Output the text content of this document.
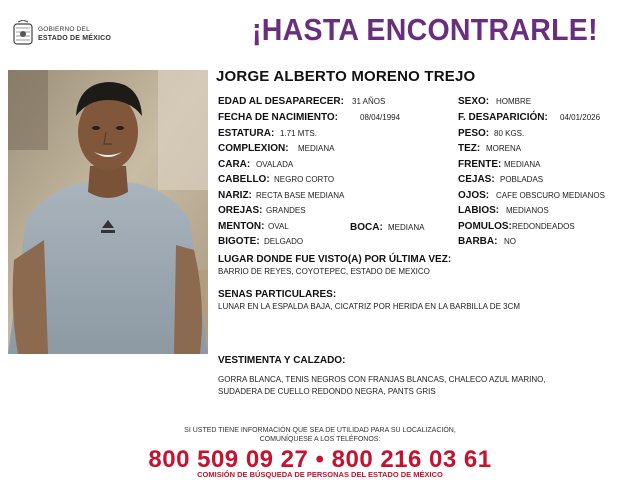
GOBIERNO DEL
ESTADO DE MÉXICO	¡HASTA ENCONTRARLE!
JORGE ALBERTO MORENO TREJO
EDAD AL DESAPARECER: 31 AÑOS
FECHA DE NACIMIENTO:	08/04/1994
ESTATURA: 1.71 MTS.
COMPLEXION: MEDIANA
CARA: OVALADA
CABELLO: NEGRO CORTO
NARIZ: RECTA BASE MEDIANA
OREJAS: GRANDES
MENTON: OVAL
BIGOTE: DELGADO
BOCA: MEDIANA
SEXO: HOMBRE
F. DESAPARICIÓN: 04/01/2026
PESO: 80 KGS.
TEZ: MORENA
FRENTE: MEDIANA
CEJAS: POBLADAS
OJOS: CAFE OBSCURO MEDIANOS
LABIOS: MEDIANOS
POMULOS: REDONDEADOS
BARBA: NO
LUGAR DONDE FUE VISTO(A) POR ÚLTIMA VEZ:
BARRIO DE REYES, COYOTEPEC, ESTADO DE MEXICO
SENAS PARTICULARES:
LUNAR EN LA ESPALDA BAJA, CICATRIZ POR HERIDA EN LA BARBILLA DE 3CM
VESTIMENTA Y CALZADO:
GORRA BLANCA, TENIS NEGROS CON FRANJAS BLANCAS, CHALECO AZUL MARINO,
SUDADERA DE CUELLO REDONDO NEGRA, PANTS GRIS
SI USTED TIENE INFORMACIÓN QUE SEA DE UTILIDAD PARA SU LOCALIZACIÓN,
COMUNÍQUESE A LOS TELÉFONOS:
800 509 09 27 • 800 216 03 61
COMISIÓN DE BÚSQUEDA DE PERSONAS DEL ESTADO DE MÉXICO
